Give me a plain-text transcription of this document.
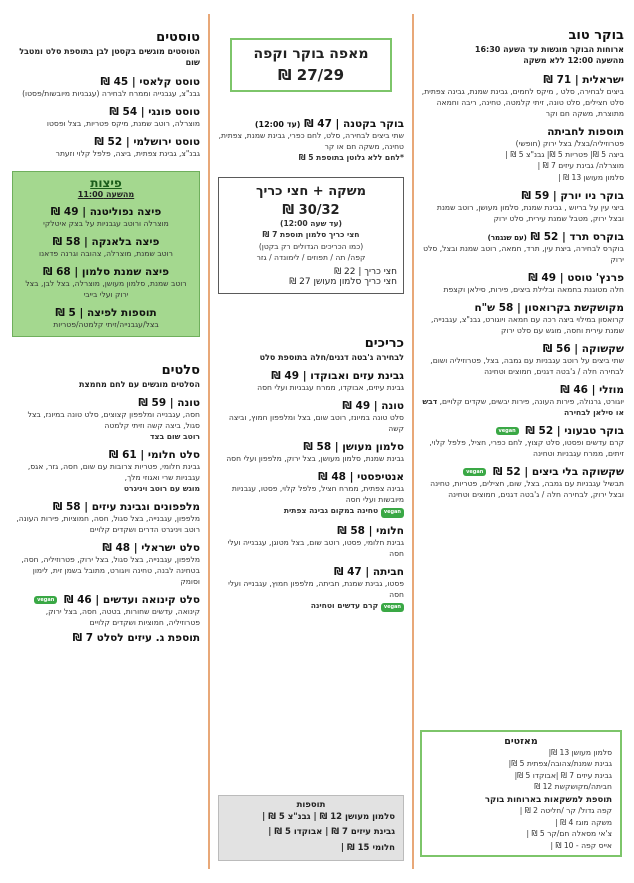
בוקר טוב
ארוחות הבוקר מוגשות עד השעה 16:30
מהשעה 12:00 ללא משקה
ישראלית | 71 ₪
ביצים לבחירה, סלט , מיקס לחמים, גבינת שמנת, גבינה צפתית, סלט חצילים, סלט טונה, זיתי קלמטה, טחינה, ריבה וחמאה מתוצרת, משקה חם וקר
תוספות לחביתה
פטרוזיליה/בצל/ בצל ירוק (חופשי)
ביצה 5 ₪| פטריות 5 ₪| גבנ"צ 5 ₪ |
מוצרלה/ גבינת עיזים 7 ₪ |
סלמון מעושן 13 ₪ |
בוקר ניו יורק | 59 ₪
ביצי עין על בריוש , גבינת שמנת, סלמון מעושן, רוטב שמנת ובצל ירוק, מטבל שמנת עירית, סלט ירוק
בוקרס תרד | 52 ₪ (עם שנגמר)
בוקרס לבחירה, ביצת עין, תרד, חמאה, רוטב שמנת ובצל, סלט ירוק
פרנץ' טוסט | 49 ₪
חלה מטוגנת בחמאה ובלילת ביצים, פירות, סילאן וקצפת
מקושקשת בקרואסון | 58 ש"ח
קרואסון במילוי ביצה רכה עם חמאה ויוגורט, גבנ"צ, עגבנייה, שמנת עירית וחסה, מוגש עם סלט ירוק
שקשוקה | 56 ₪
שתי ביצים על רוטב עגבניות עם גמבה, בצל, פטרוזיליה ושום, לבחירה חלה / ג'בטה דגנים, חמוצים וטחינה
מוזלי | 46 ₪
יוגורט, גרנולה, פירות העונה, פירות יבשים, שקדים קלויים, דבש או סילאן לבחירה
בוקר טבעוני | 52 ₪ vegan
קרם עדשים ופסטו, סלט קצוץ, לחם כפרי, חציל, פלפל קלוי, זיתים, ממרח עגבניות וטחינה
שקשוקה בלי ביצים | 52 ₪ vegan
תבשיל עגבניות עם גמבה, בצל, שום, חצילים, פטריות, טחינה ובצל ירוק, לבחירה חלה / ג'בטה דגנים, חמוצים וטחינה
מאזטים
סלמון מעושן 13 ₪|
גבינת שמנת/צהובה/צפתית 5 ₪|
גבינת עיזים 7 ₪ |אבוקדו 5 ₪|
חביתה/מקושקשת 12 ₪
תוספת למשקאות בארוחות בוקר
קפה גדול/ קר /חליטה 2 ₪ |
משקה מוגז 4 ₪ |
צ'אי מסאלה חם/קר 5 ₪ |
אייס קפה - 10 ₪ |
מאפה בוקר וקפה
27/29 ₪
בוקר בקטנה | 47 ₪ (עד 12:00)
שתי ביצים לבחירה, סלט, לחם כפרי, גבינת שמנת, צפתית, טחינה, משקה חם או קר
*לחם ללא גלוטן בתוספת 5 ₪
משקה + חצי כריך
30/32 ₪
(עד שעה 12:00)
חצי כריך סלמון תוספת 7 ₪
(כמו הכריכים הגדולים רק בקטן)
קפה/ תה / תפוזים / לימונדה / גזר
חצי כריך | 22 ₪
חצי כריך סלמון מעושן 27 ₪
כריכים
לבחירה ג'בטה דגנים/חלה בתוספת סלט
גבינת עזים ואבוקדו | 49 ₪
גבינת עיזים, אבוקדו, ממרח עגבניות ועלי חסה
טונה | 49 ₪
סלט טונה במיונז, רוטב שום, בצל ומלפפון חמוץ, וביצה קשה
סלמון מעושן | 58 ₪
גבינת שמנת, סלמון מעושן, בצל ירוק, מלפפון ועלי חסה
אנטיפסטי | 48 ₪
גבינה צפתית, ממרח חציל, פלפל קלוי, פסטו, עגבניות מיובשות ועלי חסה
vegan טחינה במקום גבינה צפתית
חלומי | 58 ₪
גבינת חלומי, פסטו, רוטב שום, בצל מטוגן, עגבנייה ועלי חסה
חביתה | 47 ₪
פסטו, גבינת שמנת, חביתה, מלפפון חמוץ, עגבנייה ועלי חסה
vegan קרם עדשים וטחינה
תוספות
סלמון מעושן 12 ₪ | גבנ"צ 5 ₪ |
גבינת עיזים 7 ₪ | אבוקדו 5 ₪ |
חלומי 15 ₪ |
טוסטים
הטוסטים מוגשים בקסטן לבן בתוספת סלט ומטבל שום
טוסט קלאסי | 45 ₪
גבנ"צ, עגבנייה וממרח לבחירה (עגבניות מיובשות/פסטו)
טוסט פונגי | 54 ₪
מוצרלה, רוטב שמנת, מיקס פטריות, בצל ופסטו
טוסט ירושלמי | 52 ₪
גבנ"צ, גבינת צפתית, ביצה, פלפל קלוי וזעתר
פיצות
מהשעה 11:00
פיצה נפוליטנה | 49 ₪
מוצרלה ורוטב עגבניות על בצק איטלקי
פיצה בלאנקה | 58 ₪
רוטב שמנת, מוצרלה, צהובה וגרנה פדאנו
פיצה שמנת סלמון | 68 ₪
רוטב שמנת, סלמון מעושן, מוצרלה, בצל לבן, בצל ירוק ועלי בייבי
תוספות לפיצה | 5 ₪
בצל/עגבנייה/זיתי קלמטה/פטריות
סלטים
הסלטים מוגשים עם לחם מחמצת
טונה | 59 ₪
חסה, עגבנייה ומלפפון קצוצים, סלט טונה במיונז, בצל סגול, ביצה קשה וזיתי קלמטה
רוטב שום בצד
סלט חלומי | 61 ₪
גבינת חלומי, פטריות צרובות עם שום, חסה, גזר, אגס, עגבניות שרי ואגוזי מלך,
מוגש עם רוטב ויניגרט
מלפפונים וגבינת עיזים | 58 ₪
מלפפון, עגבנייה, בצל סגול, חסה, חמוציות, פירות העונה, רוטב ויניגרט הדרים ושקדים קלויים
סלט ישראלי | 48 ₪
מלפפון, עגבנייה, בצל סגול, בצל ירוק, פטרוזיליה, חסה, בטחינה לבנה, טחינה ויוגורט, מתובל בשמן זית, לימון וסומק
סלט קינואה ועדשים | 46 ₪ vegan
קינואה, עדשים שחורות, בטטה, חסה, בצל ירוק, פטרוזיליה, חמוציות ושקדים קלויים
תוספת ג. עיזים לסלט 7 ₪
